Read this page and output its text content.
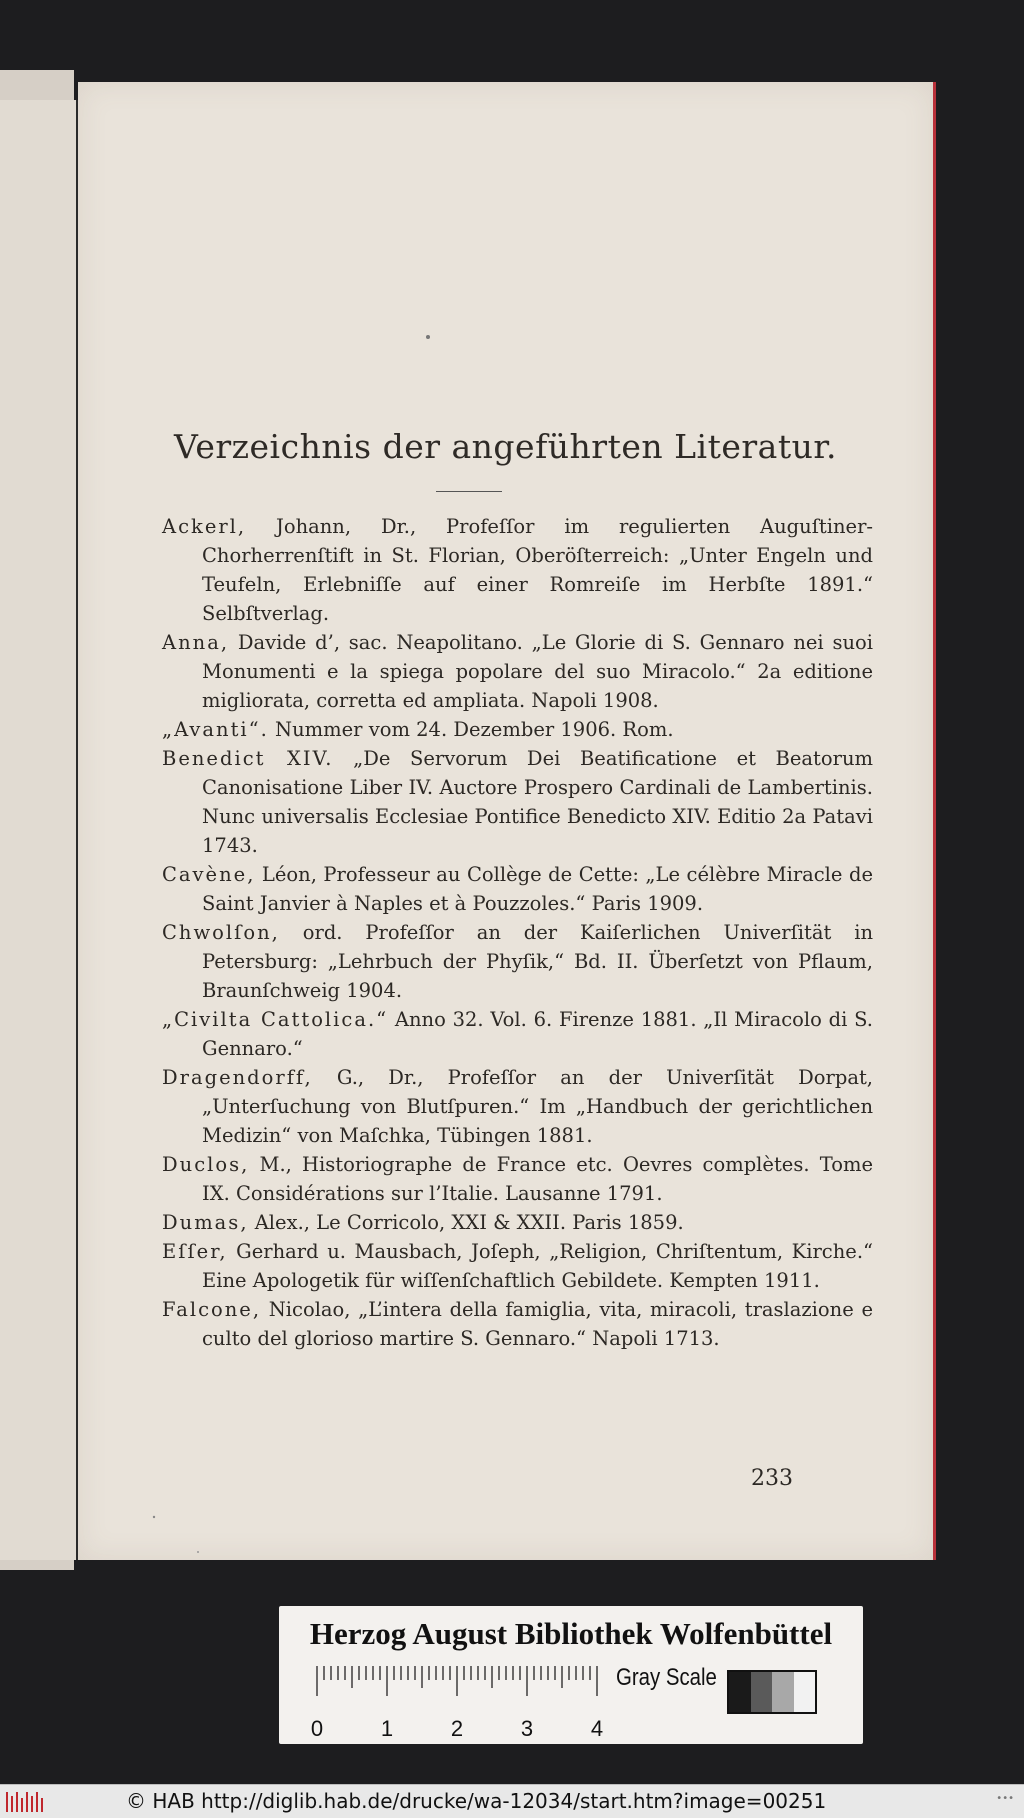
Verzeichnis der angeführten Literatur.

Ackerl, Johann, Dr., Profeſſor im regulierten Auguſtiner-Chorherrenſtift in St. Florian, Oberöſterreich: „Unter Engeln und Teufeln, Erlebniſſe auf einer Romreiſe im Herbſte 1891.“ Selbſtverlag.

Anna, Davide d’, sac. Neapolitano. „Le Glorie di S. Gennaro nei suoi Monumenti e la spiega popolare del suo Miracolo.“ 2a editione migliorata, corretta ed ampliata. Napoli 1908.

„Avanti“. Nummer vom 24. Dezember 1906. Rom.

Benedict XIV. „De Servorum Dei Beatificatione et Beatorum Canonisatione Liber IV. Auctore Prospero Cardinali de Lambertinis. Nunc universalis Ecclesiae Pontifice Benedicto XIV. Editio 2a Patavi 1743.

Cavène, Léon, Professeur au Collège de Cette: „Le célèbre Miracle de Saint Janvier à Naples et à Pouzzoles.“ Paris 1909.

Chwolſon, ord. Profeſſor an der Kaiſerlichen Univerſität in Petersburg: „Lehrbuch der Phyſik,“ Bd. II. Überſetzt von Pflaum, Braunſchweig 1904.

„Civilta Cattolica.“ Anno 32. Vol. 6. Firenze 1881. „Il Miracolo di S. Gennaro.“

Dragendorff, G., Dr., Profeſſor an der Univerſität Dorpat, „Unterſuchung von Blutſpuren.“ Im „Handbuch der gerichtlichen Medizin“ von Maſchka, Tübingen 1881.

Duclos, M., Historiographe de France etc. Oevres complètes. Tome IX. Considérations sur l’Italie. Lausanne 1791.

Dumas, Alex., Le Corricolo, XXI & XXII. Paris 1859.

Eſſer, Gerhard u. Mausbach, Joſeph, „Religion, Chriſtentum, Kirche.“ Eine Apologetik für wiſſenſchaftlich Gebildete. Kempten 1911.

Falcone, Nicolao, „L’intera della famiglia, vita, miracoli, traslazione e culto del glorioso martire S. Gennaro.“ Napoli 1713.

233
Herzog August Bibliothek Wolfenbüttel
0	1	2	3	4
Gray Scale
© HAB http://diglib.hab.de/drucke/wa-12034/start.htm?image=00251	•••
